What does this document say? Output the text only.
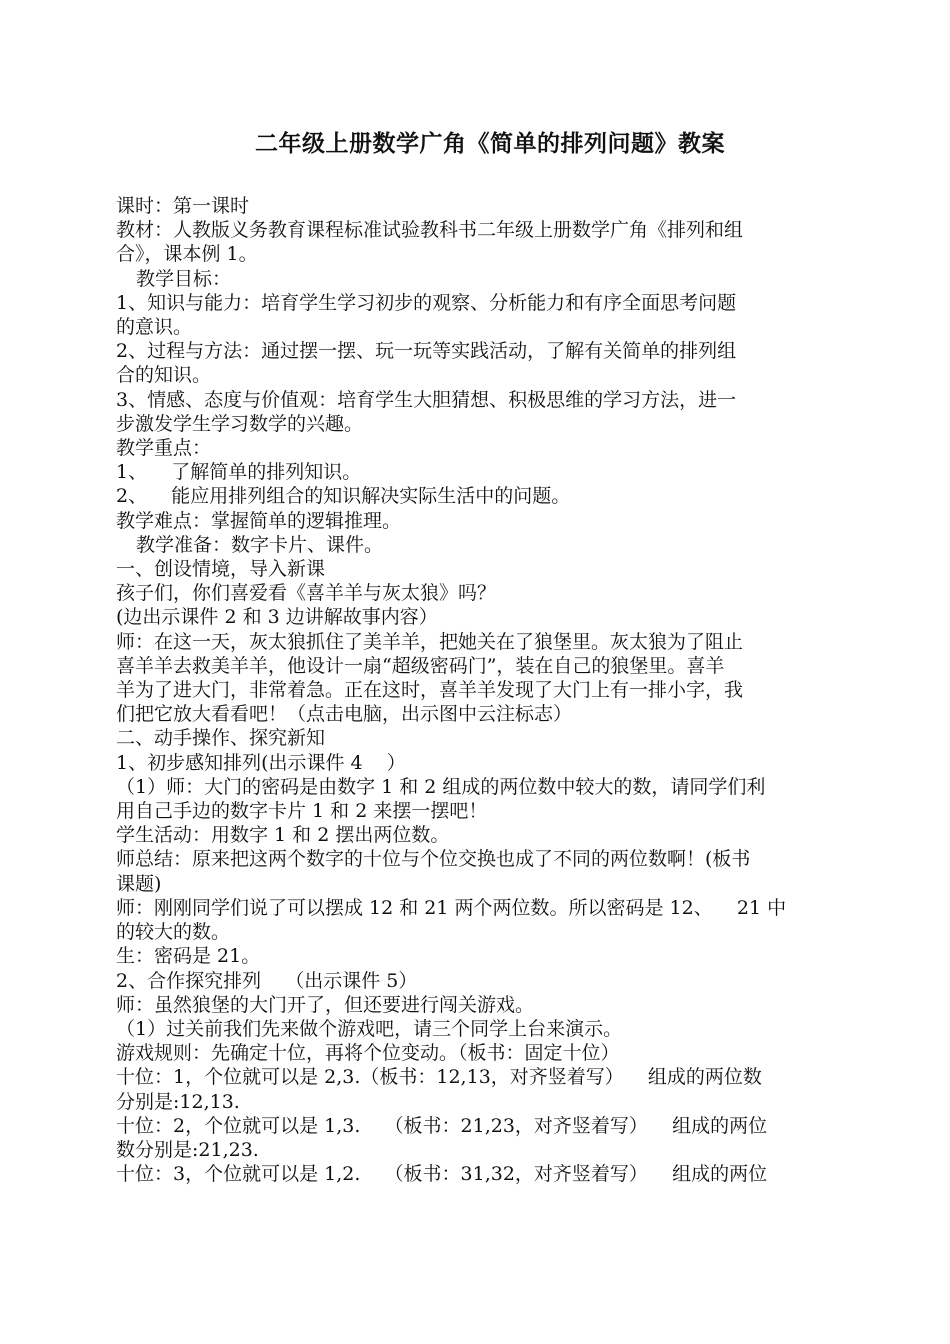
二年级上册数学广角《简单的排列问题》教案
课时：第一课时
教材：人教版义务教育课程标准试验教科书二年级上册数学广角《排列和组
合》，课本例 1。
教学目标：
1、知识与能力：培育学生学习初步的观察、分析能力和有序全面思考问题
的意识。
2、过程与方法：通过摆一摆、玩一玩等实践活动，了解有关简单的排列组
合的知识。
3、情感、态度与价值观：培育学生大胆猜想、积极思维的学习方法，进一
步激发学生学习数学的兴趣。
教学重点：
1、    了解简单的排列知识。
2、    能应用排列组合的知识解决实际生活中的问题。
教学难点：掌握简单的逻辑推理。
教学准备：数字卡片、课件。
一、创设情境，导入新课
孩子们，你们喜爱看《喜羊羊与灰太狼》吗？
(边出示课件 2 和 3 边讲解故事内容）
师：在这一天，灰太狼抓住了美羊羊，把她关在了狼堡里。灰太狼为了阻止
喜羊羊去救美羊羊，他设计一扇“超级密码门”，装在自己的狼堡里。喜羊
羊为了进大门，非常着急。正在这时，喜羊羊发现了大门上有一排小字，我
们把它放大看看吧！（点击电脑，出示图中云注标志）
二、动手操作、探究新知
1、初步感知排列(出示课件 4    ）
（1）师：大门的密码是由数字 1 和 2 组成的两位数中较大的数，请同学们利
用自己手边的数字卡片 1 和 2 来摆一摆吧！
学生活动：用数字 1 和 2 摆出两位数。
师总结：原来把这两个数字的十位与个位交换也成了不同的两位数啊！(板书
课题)
师：刚刚同学们说了可以摆成 12 和 21 两个两位数。所以密码是 12、    21 中
的较大的数。
生：密码是 21。
2、合作探究排列    （出示课件 5）
师：虽然狼堡的大门开了，但还要进行闯关游戏。
（1）过关前我们先来做个游戏吧，请三个同学上台来演示。
游戏规则：先确定十位，再将个位变动。（板书：固定十位）
十位：1，个位就可以是 2,3.（板书：12,13，对齐竖着写）    组成的两位数
分别是:12,13.
十位：2，个位就可以是 1,3.    （板书：21,23，对齐竖着写）    组成的两位
数分别是:21,23.
十位：3，个位就可以是 1,2.    （板书：31,32，对齐竖着写）    组成的两位
